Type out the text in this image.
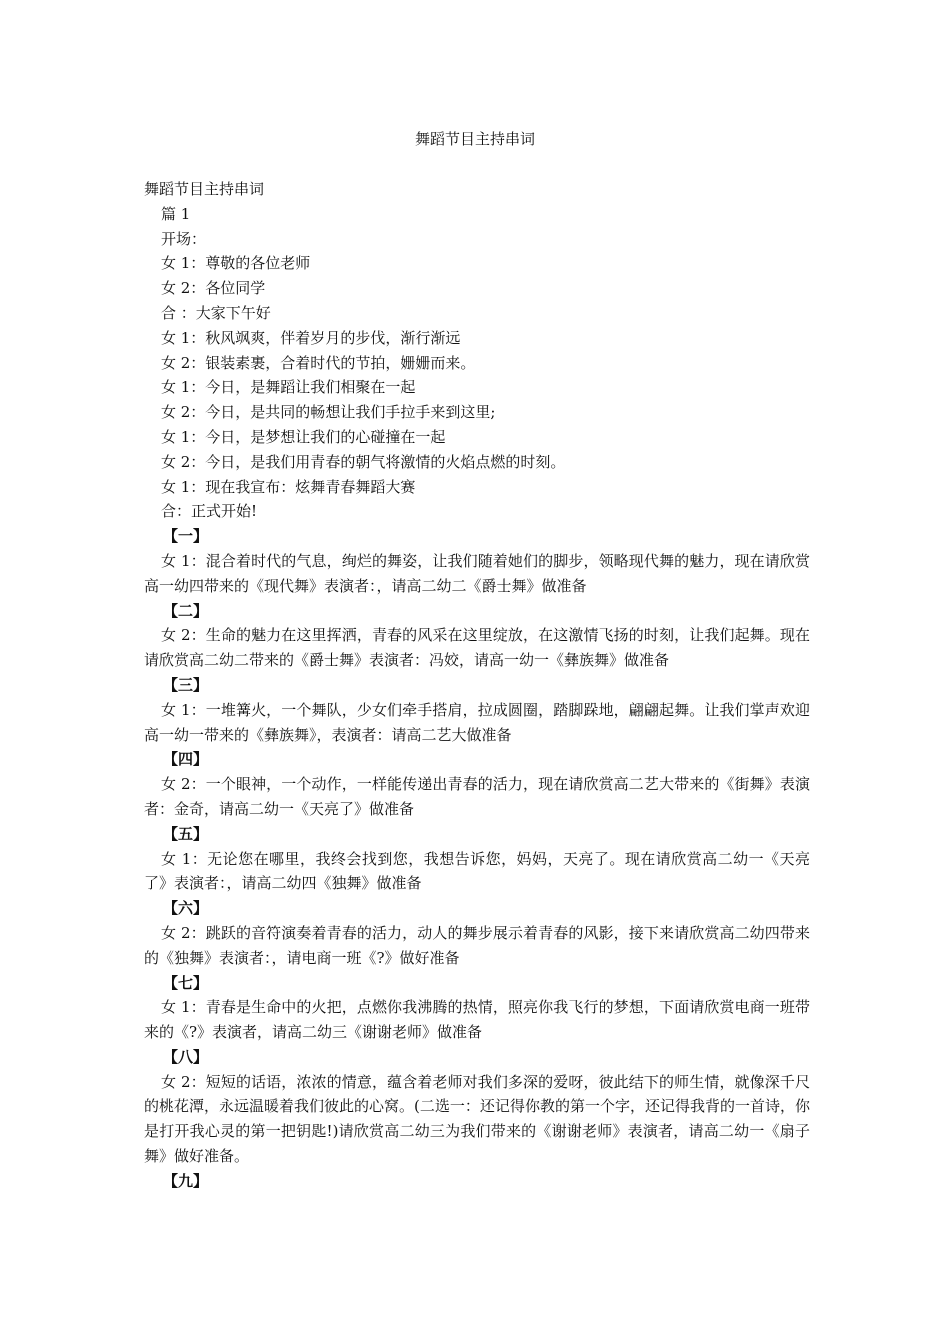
舞蹈节目主持串词
舞蹈节目主持串词
篇 1
开场：
女 1：尊敬的各位老师
女 2：各位同学
合 ：大家下午好
女 1：秋风飒爽，伴着岁月的步伐，渐行渐远
女 2：银装素裹，合着时代的节拍，姗姗而来。
女 1：今日，是舞蹈让我们相聚在一起
女 2：今日，是共同的畅想让我们手拉手来到这里;
女 1：今日，是梦想让我们的心碰撞在一起
女 2：今日，是我们用青春的朝气将激情的火焰点燃的时刻。
女 1：现在我宣布：炫舞青春舞蹈大赛
合：正式开始!
【一】

女 1：混合着时代的气息，绚烂的舞姿，让我们随着她们的脚步，领略现代舞的魅力，现在请欣赏高一幼四带来的《现代舞》表演者：，请高二幼二《爵士舞》做准备

【二】

女 2：生命的魅力在这里挥洒，青春的风采在这里绽放，在这激情飞扬的时刻，让我们起舞。现在请欣赏高二幼二带来的《爵士舞》表演者：冯姣，请高一幼一《彝族舞》做准备

【三】

女 1：一堆篝火，一个舞队，少女们牵手搭肩，拉成圆圈，踏脚跺地，翩翩起舞。让我们掌声欢迎高一幼一带来的《彝族舞》，表演者：请高二艺大做准备

【四】

女 2：一个眼神，一个动作，一样能传递出青春的活力，现在请欣赏高二艺大带来的《街舞》表演者：金奇，请高二幼一《天亮了》做准备

【五】

女 1：无论您在哪里，我终会找到您，我想告诉您，妈妈，天亮了。现在请欣赏高二幼一《天亮了》表演者：，请高二幼四《独舞》做准备

【六】

女 2：跳跃的音符演奏着青春的活力，动人的舞步展示着青春的风影，接下来请欣赏高二幼四带来的《独舞》表演者：，请电商一班《?》做好准备

【七】

女 1：青春是生命中的火把，点燃你我沸腾的热情，照亮你我飞行的梦想，下面请欣赏电商一班带来的《?》表演者，请高二幼三《谢谢老师》做准备

【八】

女 2：短短的话语，浓浓的情意，蕴含着老师对我们多深的爱呀，彼此结下的师生情，就像深千尺的桃花潭，永远温暖着我们彼此的心窝。(二选一：还记得你教的第一个字，还记得我背的一首诗，你是打开我心灵的第一把钥匙!)请欣赏高二幼三为我们带来的《谢谢老师》表演者，请高二幼一《扇子舞》做好准备。

【九】
